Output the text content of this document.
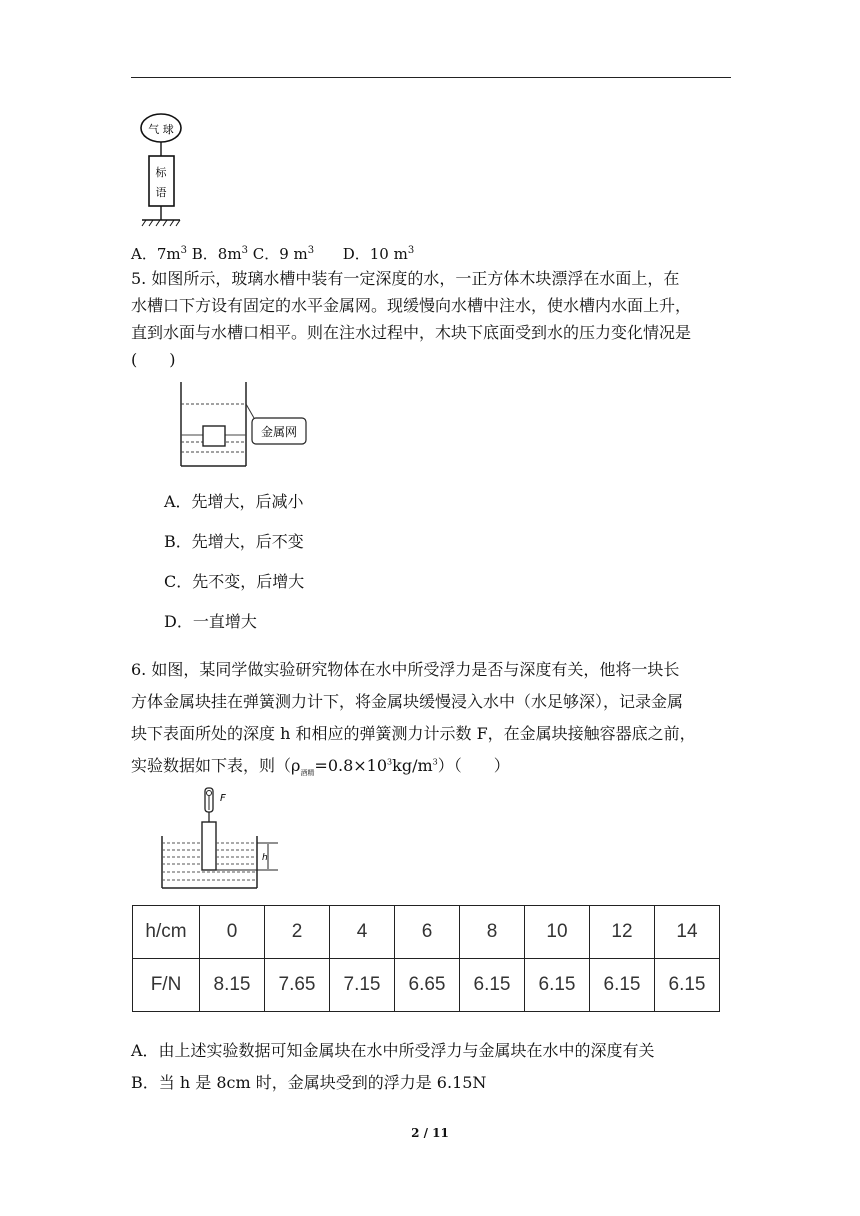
气 球
标
语
A．$7m^3$ B．$8m^3$ C．9 $m^3$ D．10 $m^3$
5. 如图所示，玻璃水槽中装有一定深度的水，一正方体木块漂浮在水面上，在
水槽口下方设有固定的水平金属网。现缓慢向水槽中注水，使水槽内水面上升，
直到水面与水槽口相平。则在注水过程中，木块下底面受到水的压力变化情况是
(　　)
金属网
A．先增大，后减小
B．先增大，后不变
C．先不变，后增大
D．一直增大
6. 如图，某同学做实验研究物体在水中所受浮力是否与深度有关，他将一块长
方体金属块挂在弹簧测力计下，将金属块缓慢浸入水中（水足够深），记录金属
块下表面所处的深度 h 和相应的弹簧测力计示数 F，在金属块接触容器底之前，
实验数据如下表，则$(\rho_{酒精}=0.8\times 10^3kg/m^3)$（　　）
F
h
h/cm	0	2	4	6	8	10	12	14
F/N	8.15	7.65	7.15	6.65	6.15	6.15	6.15	6.15
A．由上述实验数据可知金属块在水中所受浮力与金属块在水中的深度有关
B．当 h 是 8cm 时，金属块受到的浮力是 6.15N
2 / 11
